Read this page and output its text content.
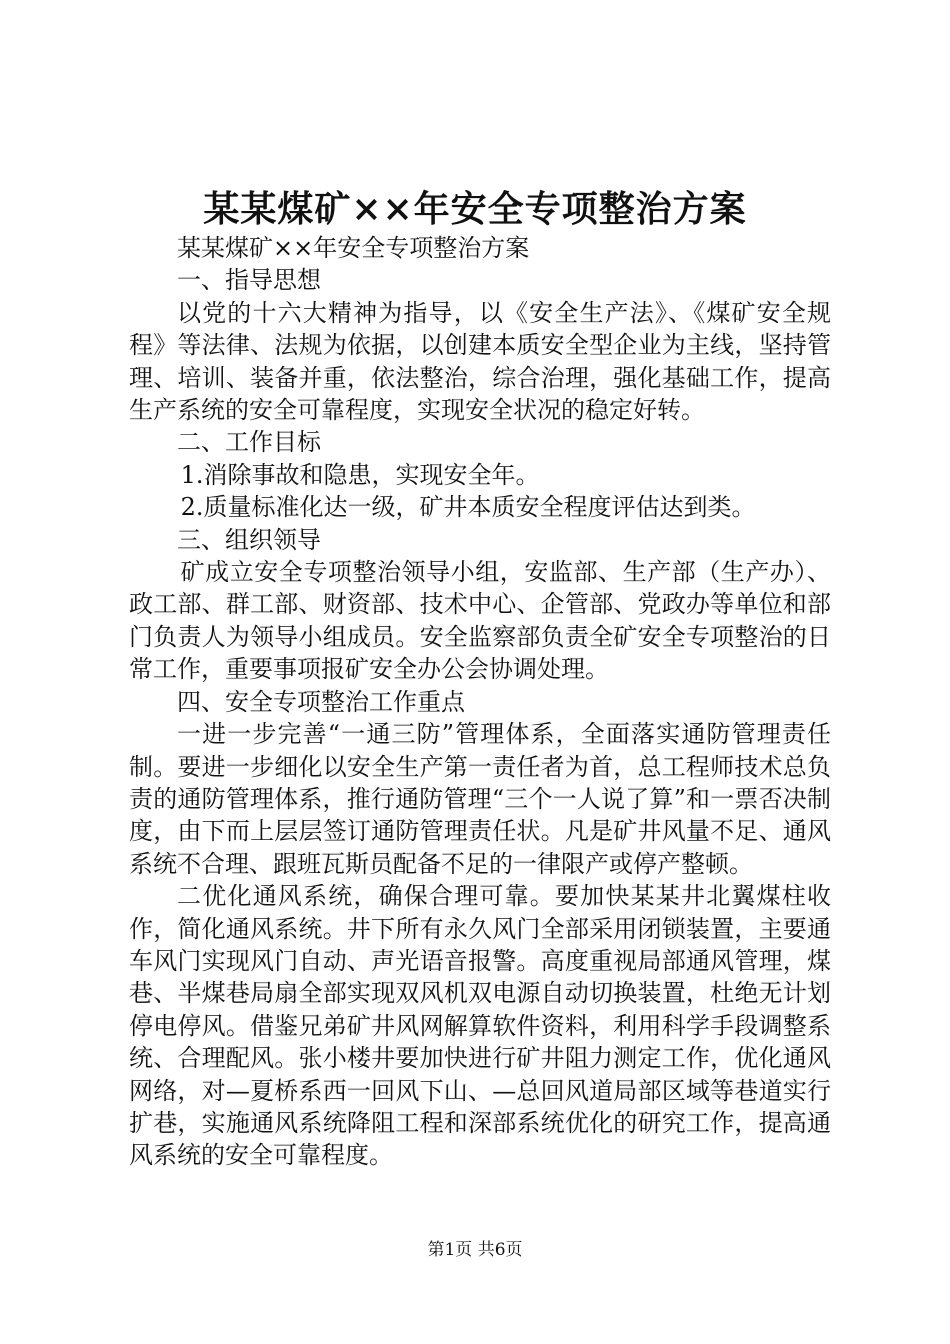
某某煤矿××年安全专项整治方案

某某煤矿××年安全专项整治方案

一、指导思想

以党的十六大精神为指导，以《安全生产法》、《煤矿安全规程》等法律、法规为依据，以创建本质安全型企业为主线，坚持管理、培训、装备并重，依法整治，综合治理，强化基础工作，提高生产系统的安全可靠程度，实现安全状况的稳定好转。

二、工作目标

1.消除事故和隐患，实现安全年。

2.质量标准化达一级，矿井本质安全程度评估达到类。

三、组织领导

矿成立安全专项整治领导小组，安监部、生产部（生产办）、政工部、群工部、财资部、技术中心、企管部、党政办等单位和部门负责人为领导小组成员。安全监察部负责全矿安全专项整治的日常工作，重要事项报矿安全办公会协调处理。

四、安全专项整治工作重点

一进一步完善“一通三防”管理体系，全面落实通防管理责任制。要进一步细化以安全生产第一责任者为首，总工程师技术总负责的通防管理体系，推行通防管理“三个一人说了算”和一票否决制度，由下而上层层签订通防管理责任状。凡是矿井风量不足、通风系统不合理、跟班瓦斯员配备不足的一律限产或停产整顿。

二优化通风系统，确保合理可靠。要加快某某井北翼煤柱收作，简化通风系统。井下所有永久风门全部采用闭锁装置，主要通车风门实现风门自动、声光语音报警。高度重视局部通风管理，煤巷、半煤巷局扇全部实现双风机双电源自动切换装置，杜绝无计划停电停风。借鉴兄弟矿井风网解算软件资料，利用科学手段调整系统、合理配风。张小楼井要加快进行矿井阻力测定工作，优化通风网络，对—夏桥系西一回风下山、—总回风道局部区域等巷道实行扩巷，实施通风系统降阻工程和深部系统优化的研究工作，提高通风系统的安全可靠程度。

第1页 共6页
